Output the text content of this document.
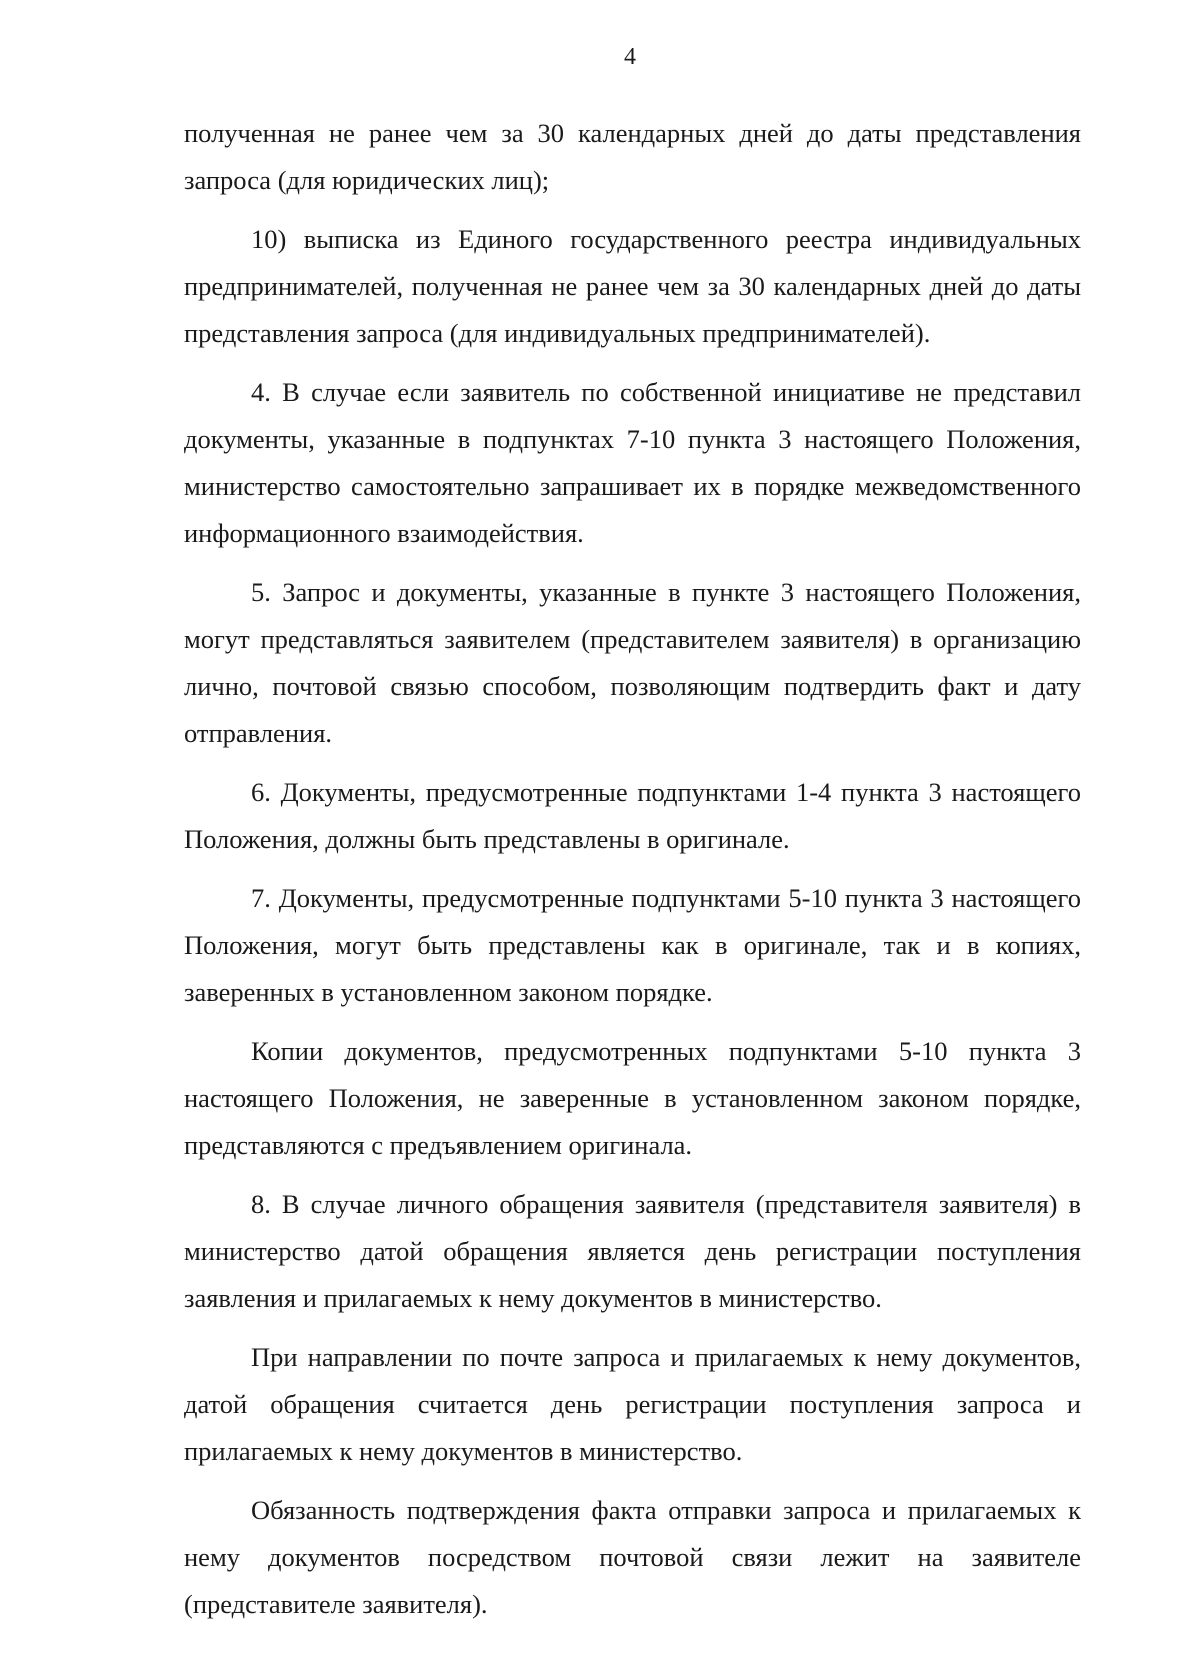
4

полученная не ранее чем за 30 календарных дней до даты представления запроса (для юридических лиц);

10) выписка из Единого государственного реестра индивидуальных предпринимателей, полученная не ранее чем за 30 календарных дней до даты представления запроса (для индивидуальных предпринимателей).

4. В случае если заявитель по собственной инициативе не представил документы, указанные в подпунктах 7-10 пункта 3 настоящего Положения, министерство самостоятельно запрашивает их в порядке межведомственного информационного взаимодействия.

5. Запрос и документы, указанные в пункте 3 настоящего Положения, могут представляться заявителем (представителем заявителя) в организацию лично, почтовой связью способом, позволяющим подтвердить факт и дату отправления.

6. Документы, предусмотренные подпунктами 1-4 пункта 3 настоящего Положения, должны быть представлены в оригинале.

7. Документы, предусмотренные подпунктами 5-10 пункта 3 настоящего Положения, могут быть представлены как в оригинале, так и в копиях, заверенных в установленном законом порядке.

Копии документов, предусмотренных подпунктами 5-10 пункта 3 настоящего Положения, не заверенные в установленном законом порядке, представляются с предъявлением оригинала.

8. В случае личного обращения заявителя (представителя заявителя) в министерство датой обращения является день регистрации поступления заявления и прилагаемых к нему документов в министерство.

При направлении по почте запроса и прилагаемых к нему документов, датой обращения считается день регистрации поступления запроса и прилагаемых к нему документов в министерство.

Обязанность подтверждения факта отправки запроса и прилагаемых к нему документов посредством почтовой связи лежит на заявителе (представителе заявителя).
